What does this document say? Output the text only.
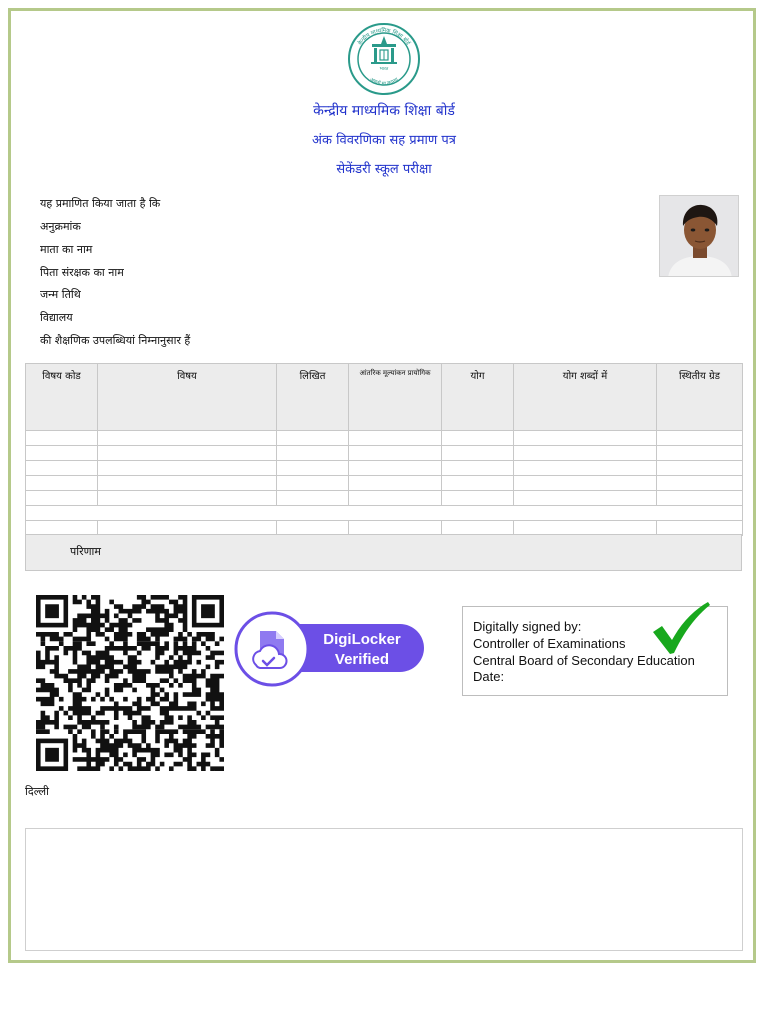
केन्द्रीय माध्यमिक शिक्षा बोर्ड
भारत
असतो मा सद्गमय
केन्द्रीय माध्यमिक शिक्षा बोर्ड
अंक विवरणिका सह प्रमाण पत्र
सेकेंडरी स्कूल परीक्षा
यह प्रमाणित किया जाता है कि
अनुक्रमांक
माता का नाम
पिता संरक्षक का नाम
जन्म तिथि
विद्यालय
की शैक्षणिक उपलब्धियां निम्नानुसार हैं
विषय कोड	विषय	लिखित	आंतरिक मूल्यांकन प्रायोगिक	योग	योग शब्दों में	स्थितीय ग्रेड

परिणाम
DigiLocker
Verified
Digitally signed by:
Controller of Examinations
Central Board of Secondary Education
Date:
दिल्ली
